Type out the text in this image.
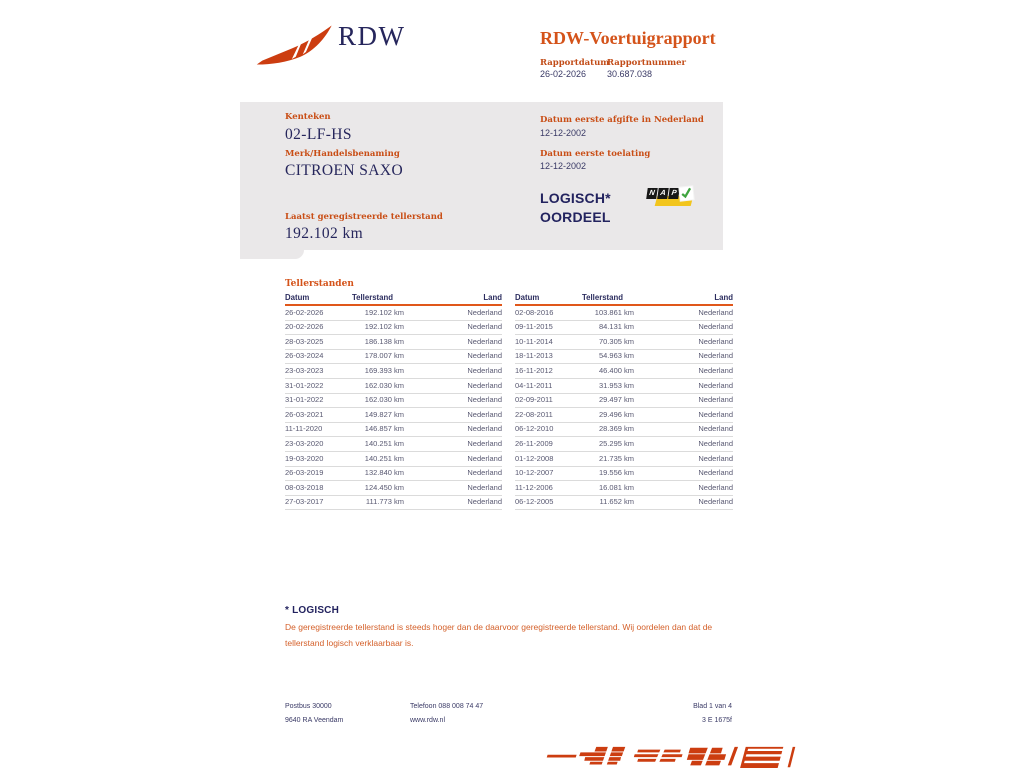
RDW	RDW-Voertuigrapport
Rapportdatum
26-02-2026
Rapportnummer
30.687.038
Kenteken
02-LF-HS
Merk/Handelsbenaming
CITROEN SAXO
Laatst geregistreerde tellerstand
192.102 km
Datum eerste afgifte in Nederland
12-12-2002
Datum eerste toelating
12-12-2002
LOGISCH*
OORDEEL
N A P
Tellerstanden
Datum	Tellerstand	Land
26-02-2026	192.102 km	Nederland
20-02-2026	192.102 km	Nederland
28-03-2025	186.138 km	Nederland
26-03-2024	178.007 km	Nederland
23-03-2023	169.393 km	Nederland
31-01-2022	162.030 km	Nederland
31-01-2022	162.030 km	Nederland
26-03-2021	149.827 km	Nederland
11-11-2020	146.857 km	Nederland
23-03-2020	140.251 km	Nederland
19-03-2020	140.251 km	Nederland
26-03-2019	132.840 km	Nederland
08-03-2018	124.450 km	Nederland
27-03-2017	111.773 km	Nederland
Datum	Tellerstand	Land
02-08-2016	103.861 km	Nederland
09-11-2015	84.131 km	Nederland
10-11-2014	70.305 km	Nederland
18-11-2013	54.963 km	Nederland
16-11-2012	46.400 km	Nederland
04-11-2011	31.953 km	Nederland
02-09-2011	29.497 km	Nederland
22-08-2011	29.496 km	Nederland
06-12-2010	28.369 km	Nederland
26-11-2009	25.295 km	Nederland
01-12-2008	21.735 km	Nederland
10-12-2007	19.556 km	Nederland
11-12-2006	16.081 km	Nederland
06-12-2005	11.652 km	Nederland
* LOGISCH
De geregistreerde tellerstand is steeds hoger dan de daarvoor geregistreerde tellerstand. Wij oordelen dan dat de tellerstand logisch verklaarbaar is.
Postbus 30000
9640 RA Veendam
Telefoon 088 008 74 47
www.rdw.nl
Blad 1 van 4
3 E 1675f
